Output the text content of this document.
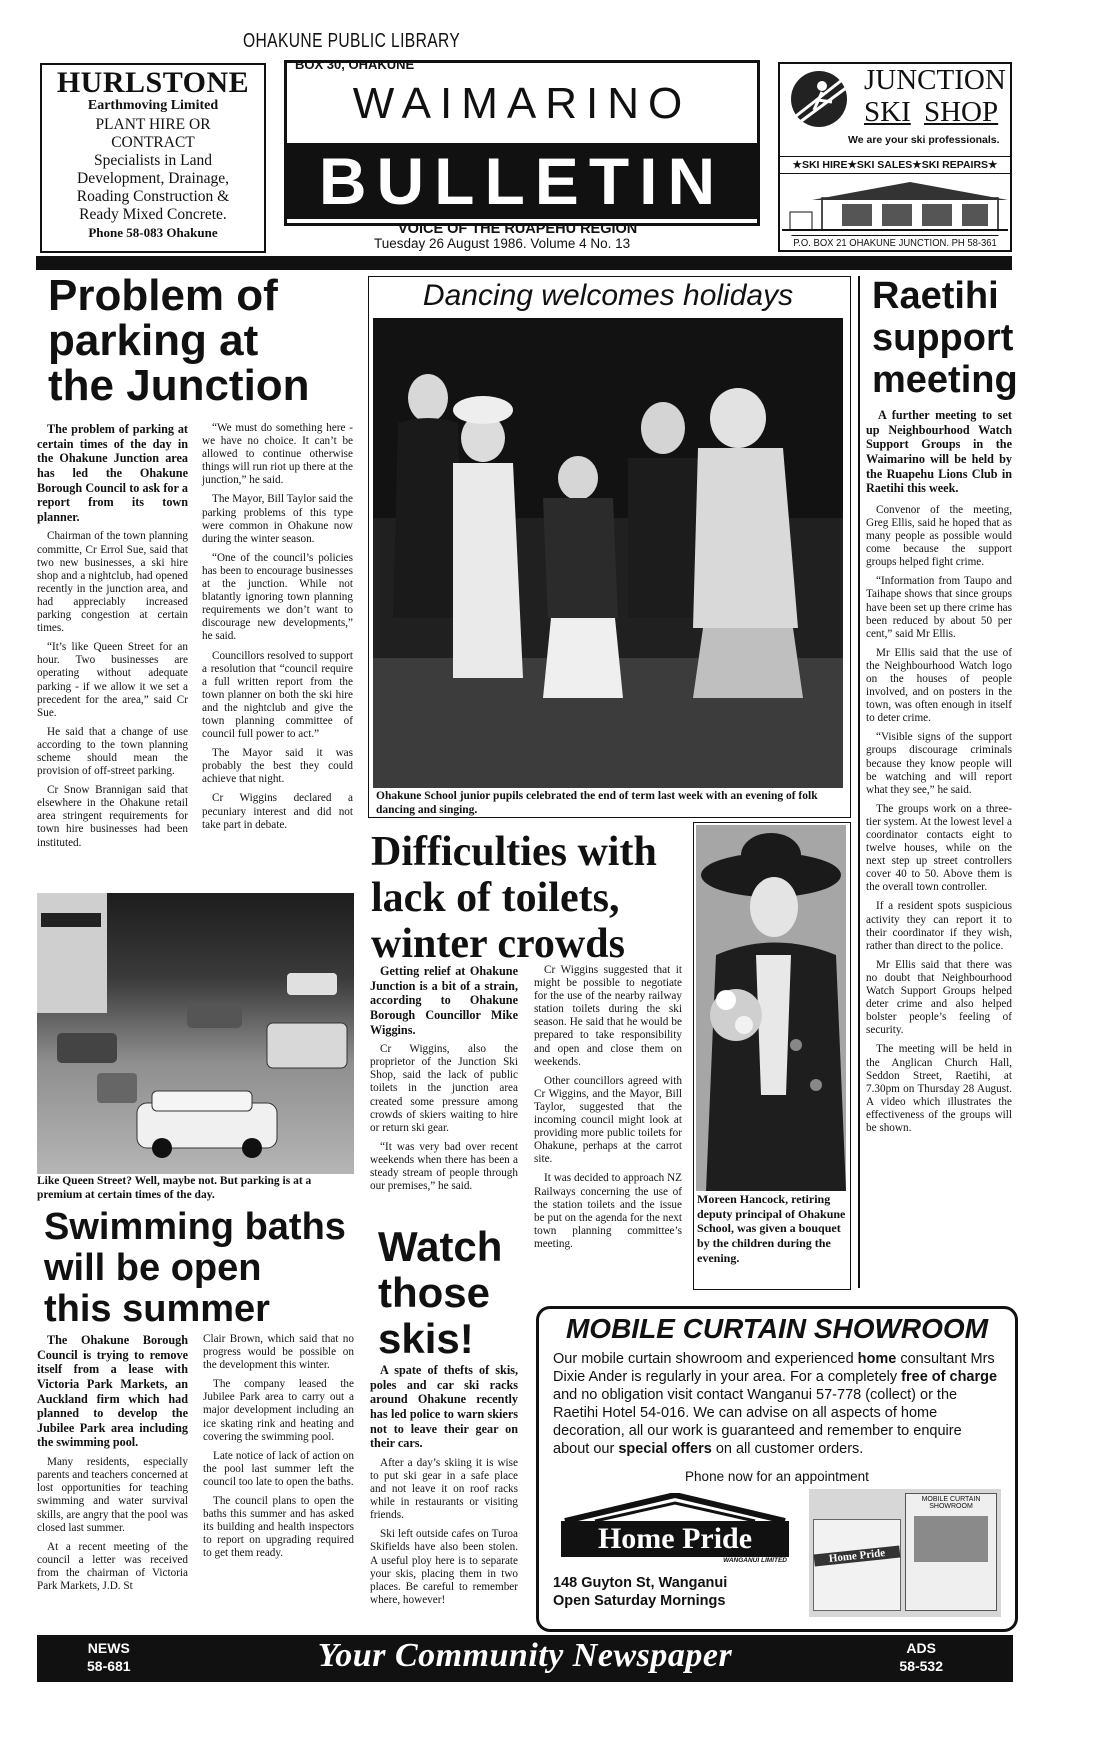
OHAKUNE PUBLIC LIBRARY
HURLSTONE
Earthmoving Limited
PLANT HIRE OR
CONTRACT
Specialists in Land
Development, Drainage,
Roading Construction &
Ready Mixed Concrete.
Phone 58-083 Ohakune
BOX 30, OHAKUNE
WAIMARINO
BULLETIN
VOICE OF THE RUAPEHU REGION
Tuesday 26 August 1986. Volume 4 No. 13
JUNCTION
SKI SHOP
We are your ski professionals.
★SKI HIRE★SKI SALES★SKI REPAIRS★
P.O. BOX 21 OHAKUNE JUNCTION. PH 58-361
Problem of
parking at
the Junction

The problem of parking at certain times of the day in the Ohakune Junction area has led the Ohakune Borough Council to ask for a report from its town planner.

Chairman of the town planning committe, Cr Errol Sue, said that two new businesses, a ski hire shop and a nightclub, had opened recently in the junction area, and had appreciably increased parking congestion at certain times.

“It’s like Queen Street for an hour. Two businesses are operating without adequate parking - if we allow it we set a precedent for the area,” said Cr Sue.

He said that a change of use according to the town planning scheme should mean the provision of off-street parking.

Cr Snow Brannigan said that elsewhere in the Ohakune retail area stringent requirements for town hire businesses had been instituted.

“We must do something here - we have no choice. It can’t be allowed to continue otherwise things will run riot up there at the junction,” he said.

The Mayor, Bill Taylor said the parking problems of this type were common in Ohakune now during the winter season.

“One of the council’s policies has been to encourage businesses at the junction. While not blatantly ignoring town planning requirements we don’t want to discourage new developments,” he said.

Councillors resolved to support a resolution that “council require a full written report from the town planner on both the ski hire and the nightclub and give the town planning committee of council full power to act.”

The Mayor said it was probably the best they could achieve that night.

Cr Wiggins declared a pecuniary interest and did not take part in debate.

Like Queen Street? Well, maybe not. But parking is at a premium at certain times of the day.
Dancing welcomes holidays
Ohakune School junior pupils celebrated the end of term last week with an evening of folk dancing and singing.
Difficulties with
lack of toilets,
winter crowds

Getting relief at Ohakune Junction is a bit of a strain, according to Ohakune Borough Councillor Mike Wiggins.

Cr Wiggins, also the proprietor of the Junction Ski Shop, said the lack of public toilets in the junction area created some pressure among crowds of skiers waiting to hire or return ski gear.

“It was very bad over recent weekends when there has been a steady stream of people through our premises,” he said.

Cr Wiggins suggested that it might be possible to negotiate for the use of the nearby railway station toilets during the ski season. He said that he would be prepared to take responsibility and open and close them on weekends.

Other councillors agreed with Cr Wiggins, and the Mayor, Bill Taylor, suggested that the incoming council might look at providing more public toilets for Ohakune, perhaps at the carrot site.

It was decided to approach NZ Railways concerning the use of the station toilets and the issue be put on the agenda for the next town planning committee’s meeting.

Moreen Hancock, retiring deputy principal of Ohakune School, was given a bouquet by the children during the evening.
Raetihi
support
meeting

A further meeting to set up Neighbourhood Watch Support Groups in the Waimarino will be held by the Ruapehu Lions Club in Raetihi this week.

Convenor of the meeting, Greg Ellis, said he hoped that as many people as possible would come because the support groups helped fight crime.

“Information from Taupo and Taihape shows that since groups have been set up there crime has been reduced by about 50 per cent,” said Mr Ellis.

Mr Ellis said that the use of the Neighbourhood Watch logo on the houses of people involved, and on posters in the town, was often enough in itself to deter crime.

“Visible signs of the support groups discourage criminals because they know people will be watching and will report what they see,” he said.

The groups work on a three-tier system. At the lowest level a coordinator contacts eight to twelve houses, while on the next step up street controllers cover 40 to 50. Above them is the overall town controller.

If a resident spots suspicious activity they can report it to their coordinator if they wish, rather than direct to the police.

Mr Ellis said that there was no doubt that Neighbourhood Watch Support Groups helped deter crime and also helped bolster people’s feeling of security.

The meeting will be held in the Anglican Church Hall, Seddon Street, Raetihi, at 7.30pm on Thursday 28 August. A video which illustrates the effectiveness of the groups will be shown.

Swimming baths
will be open
this summer

The Ohakune Borough Council is trying to remove itself from a lease with Victoria Park Markets, an Auckland firm which had planned to develop the Jubilee Park area including the swimming pool.

Many residents, especially parents and teachers concerned at lost opportunities for teaching swimming and water survival skills, are angry that the pool was closed last summer.

At a recent meeting of the council a letter was received from the chairman of Victoria Park Markets, J.D. St

Clair Brown, which said that no progress would be possible on the development this winter.

The company leased the Jubilee Park area to carry out a major development including an ice skating rink and heating and covering the swimming pool.

Late notice of lack of action on the pool last summer left the council too late to open the baths.

The council plans to open the baths this summer and has asked its building and health inspectors to report on upgrading required to get them ready.

Watch
those
skis!

A spate of thefts of skis, poles and car ski racks around Ohakune recently has led police to warn skiers not to leave their gear on their cars.

After a day’s skiing it is wise to put ski gear in a safe place and not leave it on roof racks while in restaurants or visiting friends.

Ski left outside cafes on Turoa Skifields have also been stolen. A useful ploy here is to separate your skis, placing them in two places. Be careful to remember where, however!

MOBILE CURTAIN SHOWROOM
Our mobile curtain showroom and experienced home consultant Mrs Dixie Ander is regularly in your area. For a completely free of charge and no obligation visit contact Wanganui 57-778 (collect) or the Raetihi Hotel 54-016. We can advise on all aspects of home decoration, all our work is guaranteed and remember to enquire about our special offers on all customer orders.
Phone now for an appointment
Home Pride
WANGANUI LIMITED
MOBILE CURTAIN
SHOWROOM
Home Pride
148 Guyton St, Wanganui
Open Saturday Mornings
NEWS
58-681	Your Community Newspaper	ADS
58-532
